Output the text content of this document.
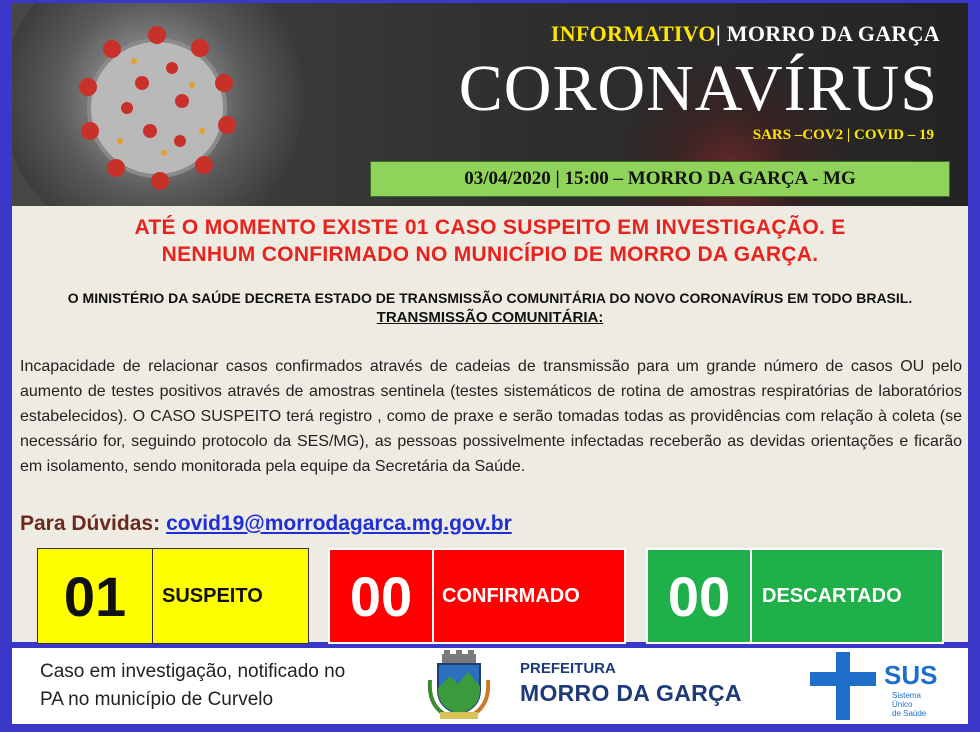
INFORMATIVO| MORRO DA GARÇA
CORONAVÍRUS
SARS –COV2 | COVID – 19
03/04/2020 | 15:00 – MORRO DA GARÇA - MG
ATÉ O MOMENTO EXISTE 01 CASO SUSPEITO EM INVESTIGAÇÃO. E
NENHUM CONFIRMADO NO MUNICÍPIO DE MORRO DA GARÇA.
O MINISTÉRIO DA SAÚDE DECRETA ESTADO DE TRANSMISSÃO COMUNITÁRIA DO NOVO CORONAVÍRUS EM TODO BRASIL.
TRANSMISSÃO COMUNITÁRIA:
Incapacidade de relacionar casos confirmados através de cadeias de transmissão para um grande número de casos OU pelo aumento de testes positivos através de amostras sentinela (testes sistemáticos de rotina de amostras respiratórias de laboratórios estabelecidos). O CASO SUSPEITO terá registro , como de praxe e serão tomadas todas as providências com relação à coleta (se necessário for, seguindo protocolo da SES/MG), as pessoas possivelmente infectadas receberão as devidas orientações e ficarão em isolamento, sendo monitorada pela equipe da Secretária da Saúde.
Para Dúvidas: covid19@morrodagarca.mg.gov.br
01	SUSPEITO	00	CONFIRMADO	00	DESCARTADO
Caso em investigação, notificado no
PA no município de Curvelo
PREFEITURA
MORRO DA GARÇA
SUS
Sistema
Único
de Saúde
